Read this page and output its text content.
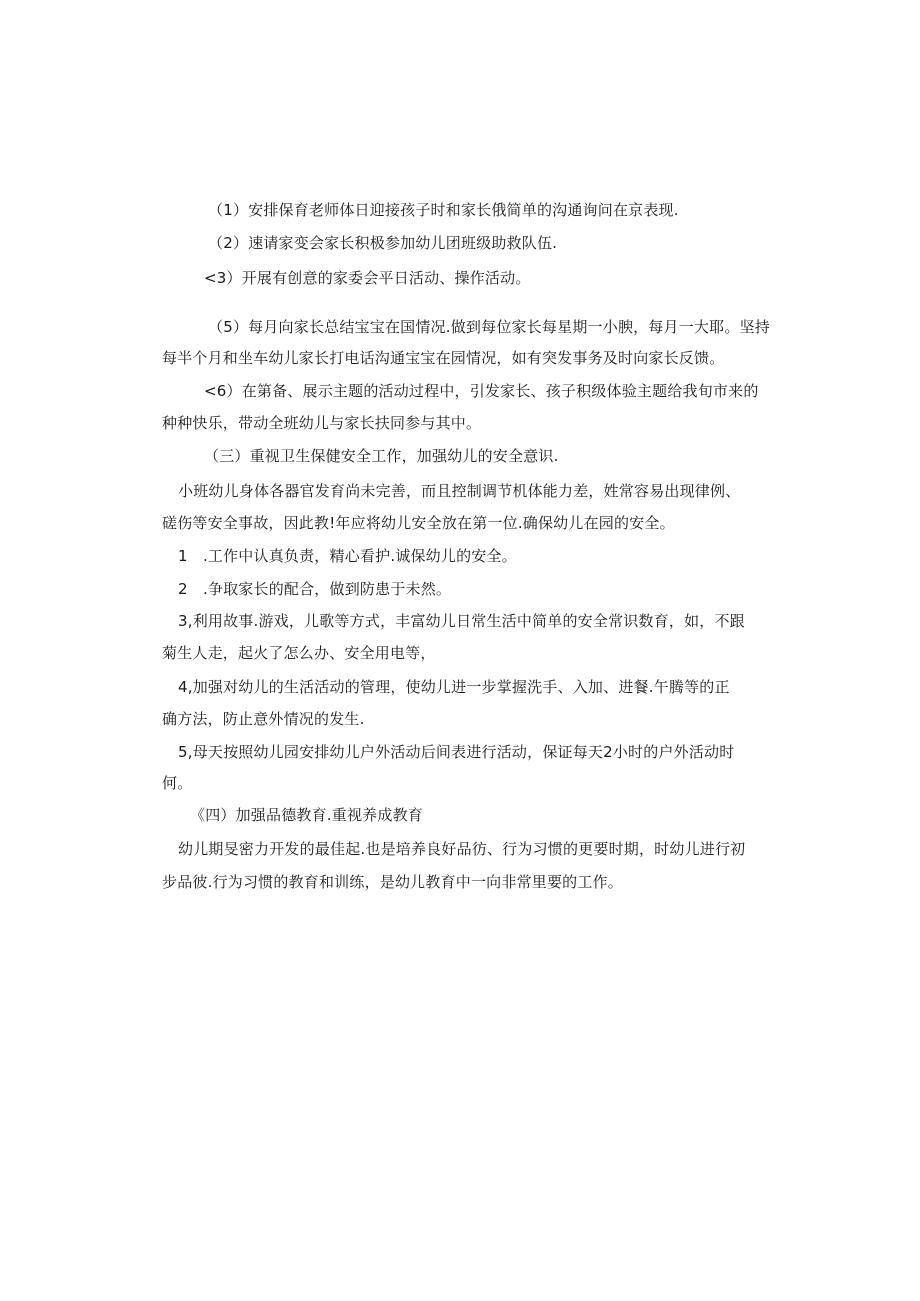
（1）安排保育老师体日迎接孩子时和家长俄简单的沟通询问在京表现.
（2）速请家变会家长积极参加幼儿团班级助救队伍.
<3）开展有创意的家委会平日活动、操作活动。
（5）每月向家长总结宝宝在国情况.做到每位家长每星期一小腴，每月一大耶。坚持
每半个月和坐车幼儿家长打电话沟通宝宝在园情况，如有突发事务及时向家长反馈。
<6）在第备、展示主题的活动过程中，引发家长、孩子积级体验主题给我旬市来的
种种快乐，带动全班幼儿与家长扶同参与其中。
（三）重视卫生保健安全工作，加强幼儿的安全意识.
小班幼儿身体各器官发育尚未完善，而且控制调节机体能力差，姓常容易出现律例、
磋伤等安全事故，因此教!年应将幼儿安全放在第一位.确保幼儿在园的安全。
1　.工作中认真负责，精心看护.诚保幼儿的安全。
2　.争取家长的配合，做到防患于未然。
3,利用故事.游戏，儿歌等方式，丰富幼儿日常生活中简单的安全常识数育，如，不跟
菊生人走，起火了怎么办、安全用电等，
4,加强对幼儿的生活活动的管理，使幼儿进一步掌握洗手、入加、进餐.午腾等的正
确方法，防止意外情况的发生.
5,母天按照幼儿园安排幼儿户外活动后间表进行活动，保证每天2小时的户外活动时
何。
《四）加强品德教育.重视养成教育
幼儿期旻密力开发的最佳起.也是培养良好品彷、行为习惯的更要时期，时幼儿进行初
步品彼.行为习惯的教育和训练，是幼儿教育中一向非常里要的工作。
